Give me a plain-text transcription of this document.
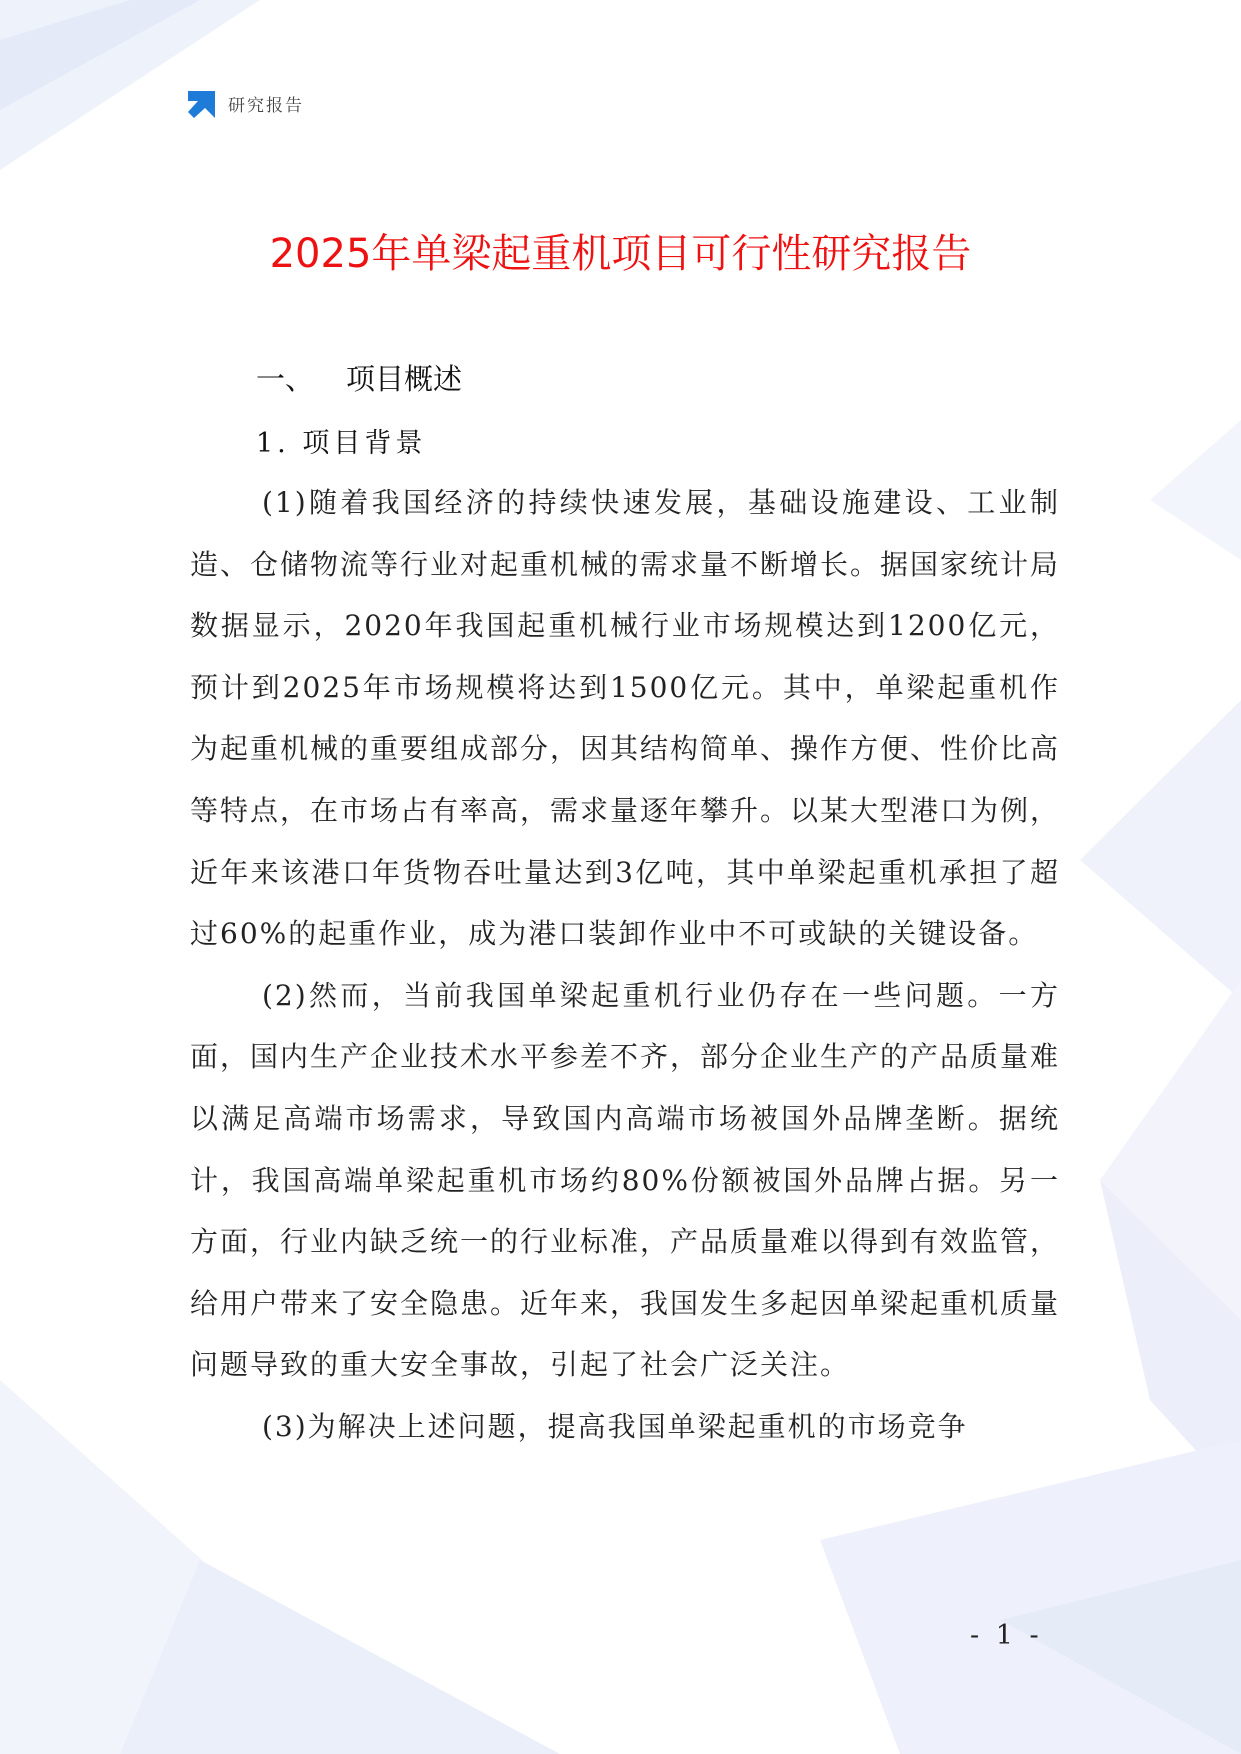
研究报告
2025年单梁起重机项目可行性研究报告
一、 项目概述
1. 项目背景

(1)随着我国经济的持续快速发展，基础设施建设、工业制造、仓储物流等行业对起重机械的需求量不断增长。据国家统计局数据显示，2020年我国起重机械行业市场规模达到1200亿元，预计到2025年市场规模将达到1500亿元。其中，单梁起重机作为起重机械的重要组成部分，因其结构简单、操作方便、性价比高等特点，在市场占有率高，需求量逐年攀升。以某大型港口为例，近年来该港口年货物吞吐量达到3亿吨，其中单梁起重机承担了超过60%的起重作业，成为港口装卸作业中不可或缺的关键设备。

(2)然而，当前我国单梁起重机行业仍存在一些问题。一方面，国内生产企业技术水平参差不齐，部分企业生产的产品质量难以满足高端市场需求，导致国内高端市场被国外品牌垄断。据统计，我国高端单梁起重机市场约80%份额被国外品牌占据。另一方面，行业内缺乏统一的行业标准，产品质量难以得到有效监管，给用户带来了安全隐患。近年来，我国发生多起因单梁起重机质量问题导致的重大安全事故，引起了社会广泛关注。

(3)为解决上述问题，提高我国单梁起重机的市场竞争

- 1 -
